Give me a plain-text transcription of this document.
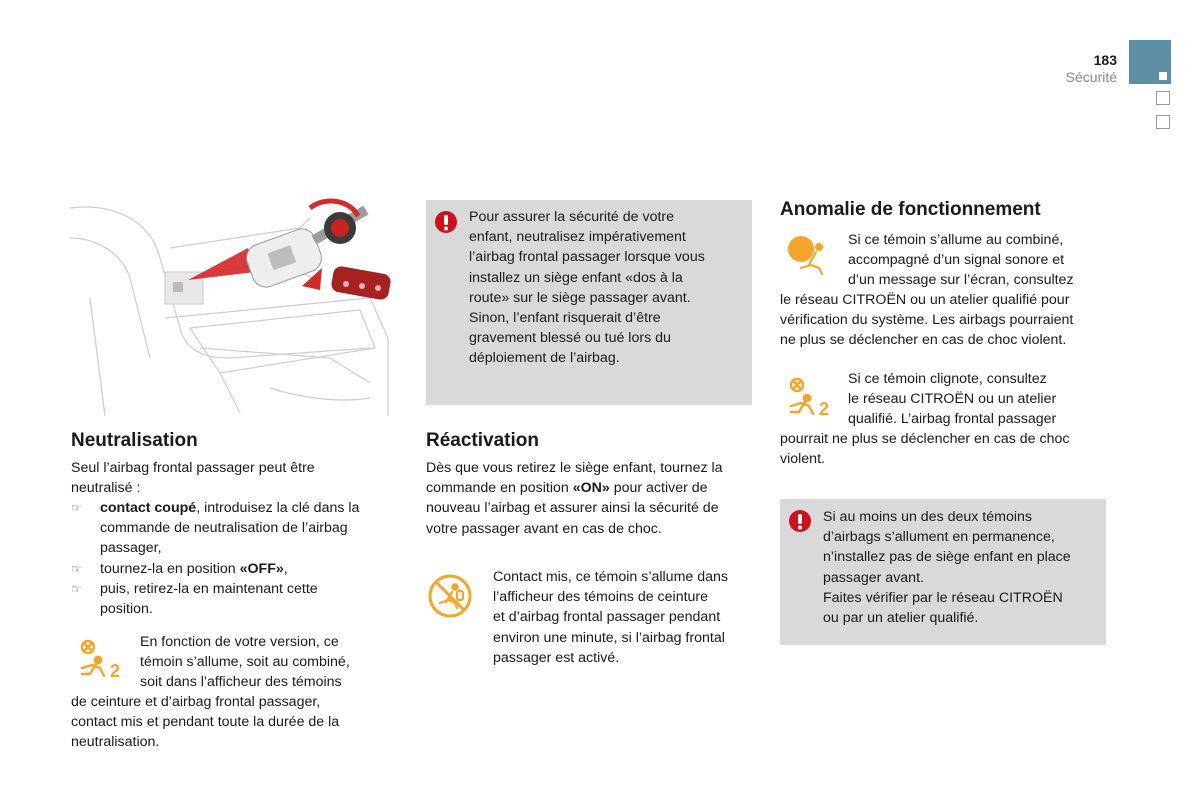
183
Sécurité
Pour assurer la sécurité de votre
enfant, neutralisez impérativement
l’airbag frontal passager lorsque vous
installez un siège enfant «dos à la
route» sur le siège passager avant.
Sinon, l’enfant risquerait d’être
gravement blessé ou tué lors du
déploiement de l’airbag.
Neutralisation
Seul l’airbag frontal passager peut être
neutralisé :
☞ contact coupé, introduisez la clé dans la
commande de neutralisation de l’airbag
passager,
☞ tournez-la en position «OFF»,
☞ puis, retirez-la en maintenant cette
position.
2
En fonction de votre version, ce
témoin s’allume, soit au combiné,
soit dans l’afficheur des témoins
de ceinture et d’airbag frontal passager,
contact mis et pendant toute la durée de la
neutralisation.
Réactivation
Dès que vous retirez le siège enfant, tournez la
commande en position «ON» pour activer de
nouveau l’airbag et assurer ainsi la sécurité de
votre passager avant en cas de choc.
Contact mis, ce témoin s’allume dans
l’afficheur des témoins de ceinture
et d’airbag frontal passager pendant
environ une minute, si l’airbag frontal
passager est activé.
Anomalie de fonctionnement
Si ce témoin s’allume au combiné,
accompagné d’un signal sonore et
d’un message sur l’écran, consultez
le réseau CITROËN ou un atelier qualifié pour
vérification du système. Les airbags pourraient
ne plus se déclencher en cas de choc violent.
2
Si ce témoin clignote, consultez
le réseau CITROËN ou un atelier
qualifié. L’airbag frontal passager
pourrait ne plus se déclencher en cas de choc
violent.
Si au moins un des deux témoins
d’airbags s’allument en permanence,
n’installez pas de siège enfant en place
passager avant.
Faites vérifier par le réseau CITROËN
ou par un atelier qualifié.
